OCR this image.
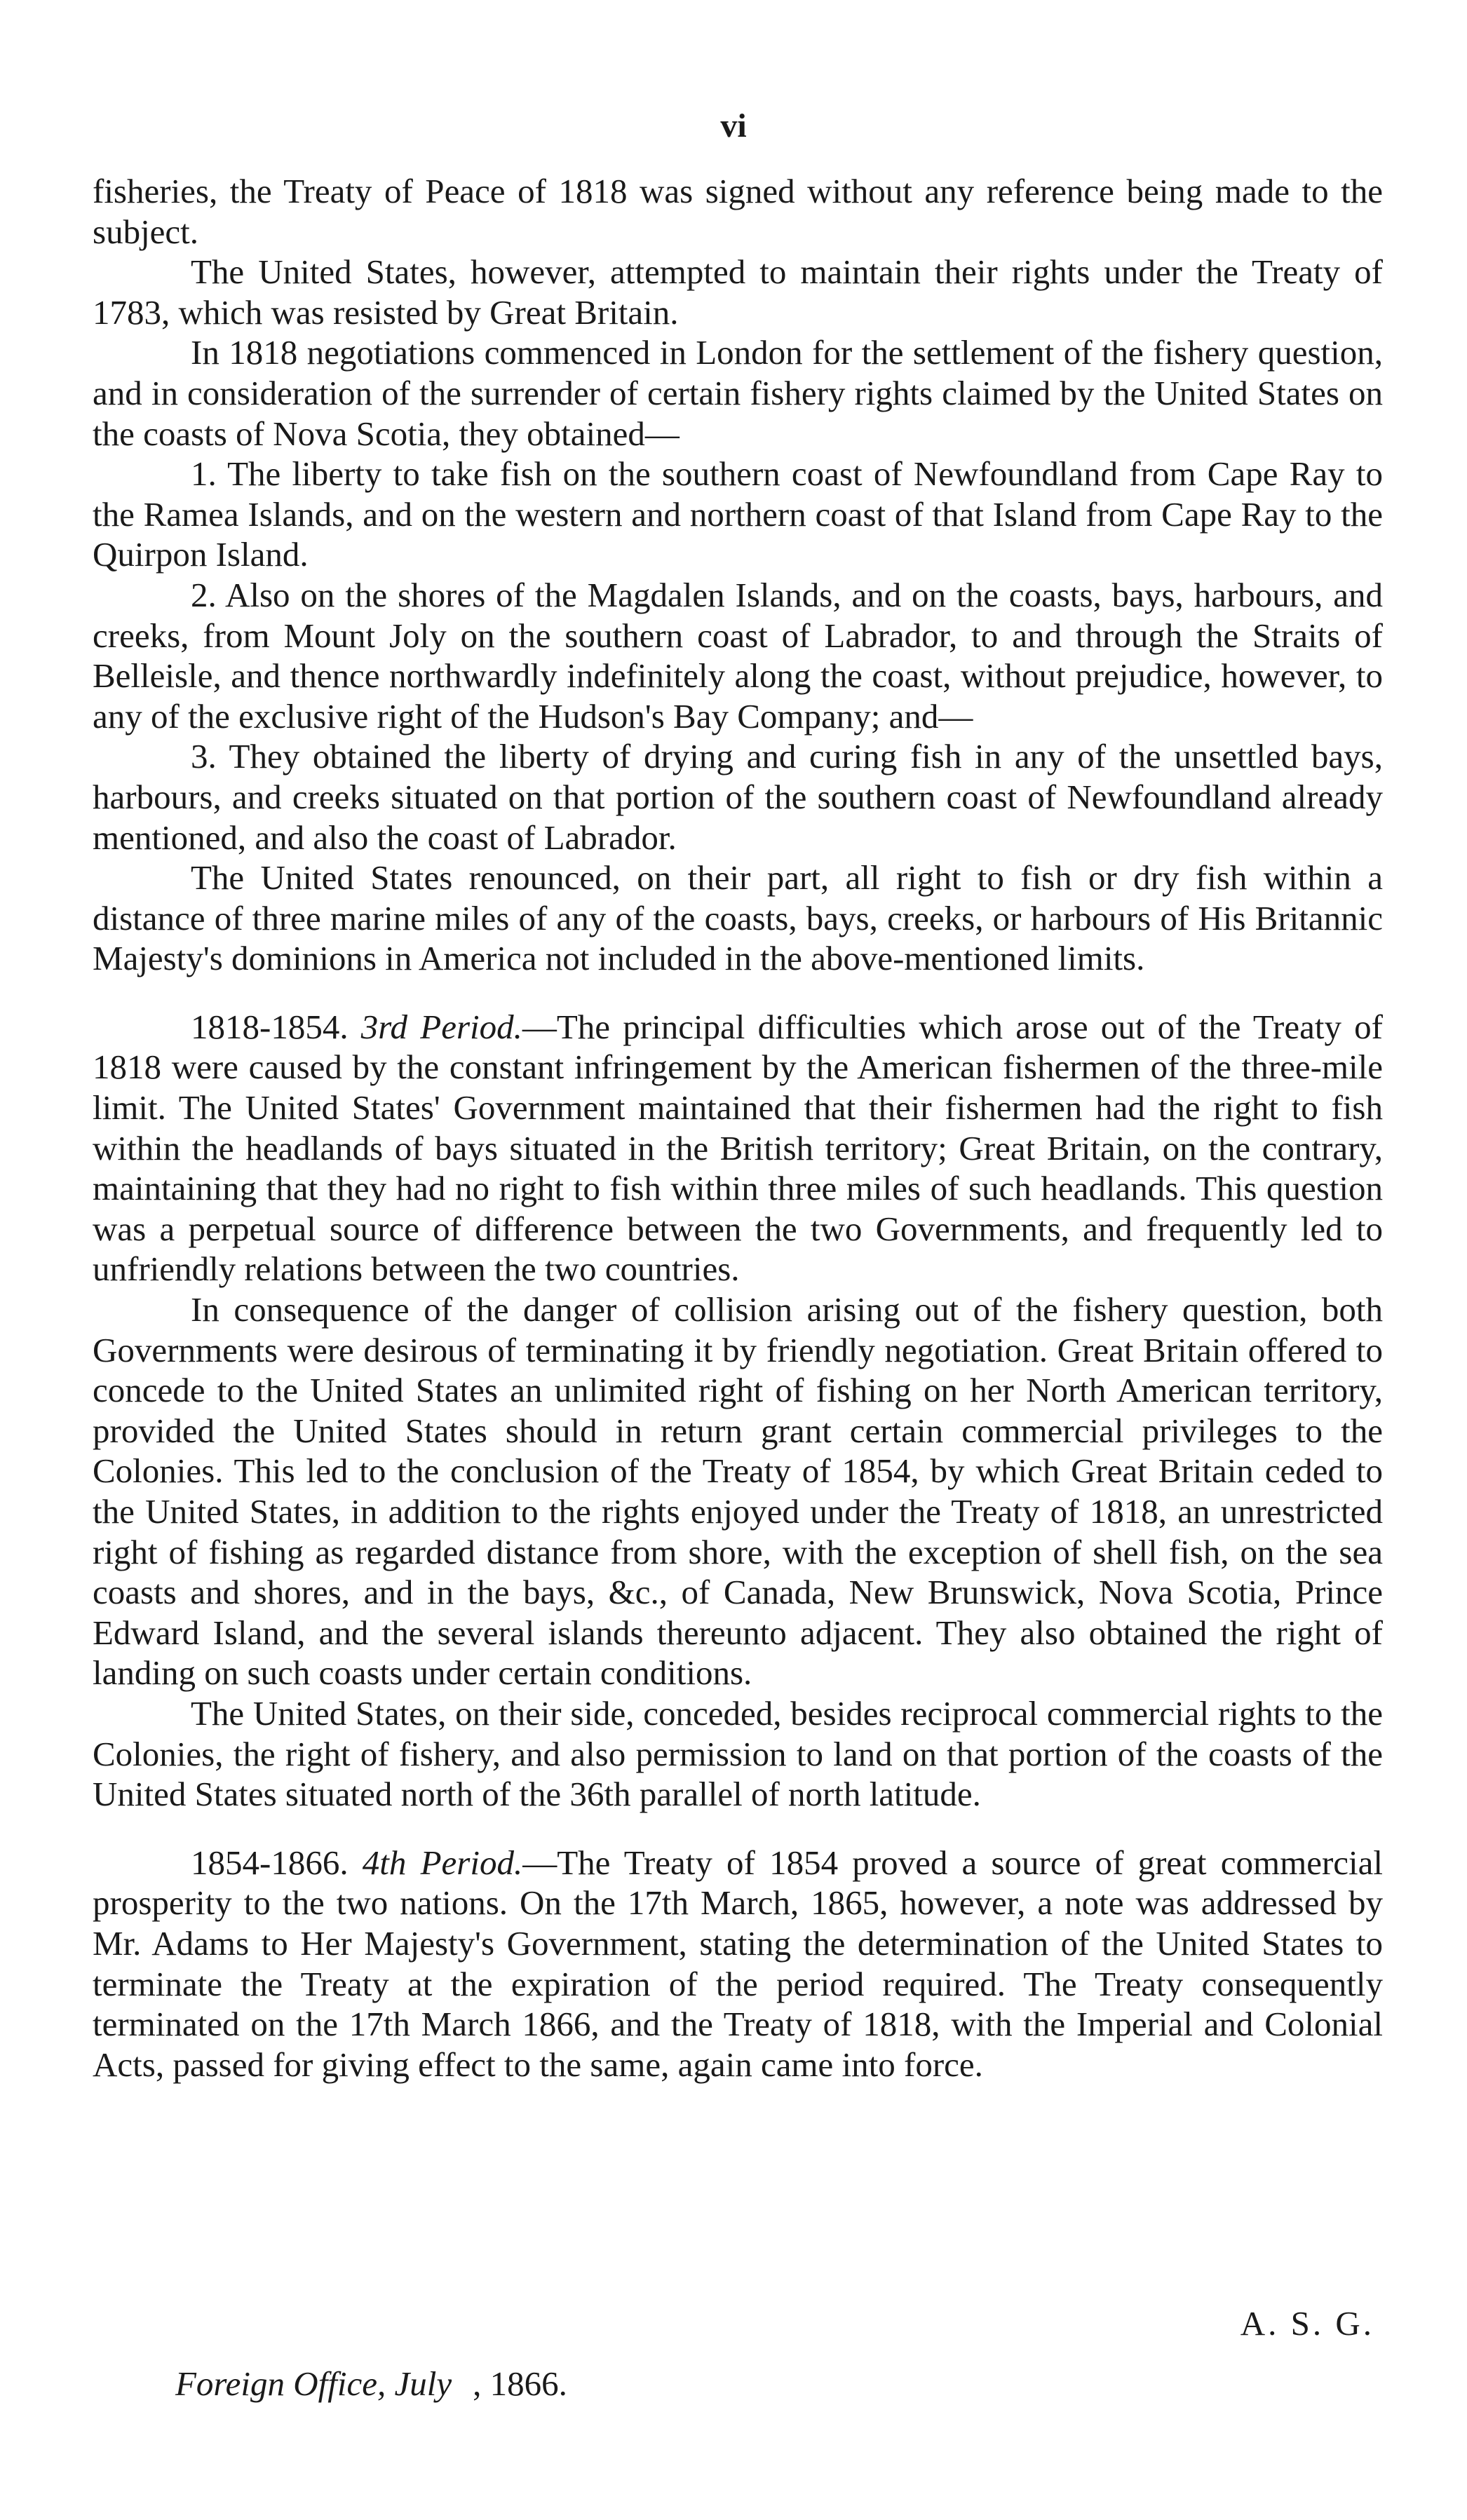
vi

fisheries, the Treaty of Peace of 1818 was signed without any reference being made to the subject.

The United States, however, attempted to maintain their rights under the Treaty of 1783, which was resisted by Great Britain.

In 1818 negotiations commenced in London for the settlement of the fishery question, and in consideration of the surrender of certain fishery rights claimed by the United States on the coasts of Nova Scotia, they obtained—

1. The liberty to take fish on the southern coast of Newfoundland from Cape Ray to the Ramea Islands, and on the western and northern coast of that Island from Cape Ray to the Quirpon Island.

2. Also on the shores of the Magdalen Islands, and on the coasts, bays, harbours, and creeks, from Mount Joly on the southern coast of Labrador, to and through the Straits of Belleisle, and thence northwardly indefinitely along the coast, without prejudice, however, to any of the exclusive right of the Hudson's Bay Company; and—

3. They obtained the liberty of drying and curing fish in any of the unsettled bays, harbours, and creeks situated on that portion of the southern coast of Newfoundland already mentioned, and also the coast of Labrador.

The United States renounced, on their part, all right to fish or dry fish within a distance of three marine miles of any of the coasts, bays, creeks, or harbours of His Britannic Majesty's dominions in America not included in the above-mentioned limits.

1818-1854. 3rd Period.—The principal difficulties which arose out of the Treaty of 1818 were caused by the constant infringement by the American fishermen of the three-mile limit. The United States' Government maintained that their fishermen had the right to fish within the headlands of bays situated in the British territory; Great Britain, on the contrary, maintaining that they had no right to fish within three miles of such headlands. This question was a perpetual source of difference between the two Governments, and frequently led to unfriendly relations between the two countries.

In consequence of the danger of collision arising out of the fishery question, both Governments were desirous of terminating it by friendly negotiation. Great Britain offered to concede to the United States an unlimited right of fishing on her North American territory, provided the United States should in return grant certain commercial privileges to the Colonies. This led to the conclusion of the Treaty of 1854, by which Great Britain ceded to the United States, in addition to the rights enjoyed under the Treaty of 1818, an unrestricted right of fishing as regarded distance from shore, with the exception of shell fish, on the sea coasts and shores, and in the bays, &c., of Canada, New Brunswick, Nova Scotia, Prince Edward Island, and the several islands thereunto adjacent. They also obtained the right of landing on such coasts under certain conditions.

The United States, on their side, conceded, besides reciprocal commercial rights to the Colonies, the right of fishery, and also permission to land on that portion of the coasts of the United States situated north of the 36th parallel of north latitude.

1854-1866. 4th Period.—The Treaty of 1854 proved a source of great commercial prosperity to the two nations. On the 17th March, 1865, however, a note was addressed by Mr. Adams to Her Majesty's Government, stating the determination of the United States to terminate the Treaty at the expiration of the period required. The Treaty consequently terminated on the 17th March 1866, and the Treaty of 1818, with the Imperial and Colonial Acts, passed for giving effect to the same, again came into force.

A. S. G.
Foreign Office, July , 1866.
